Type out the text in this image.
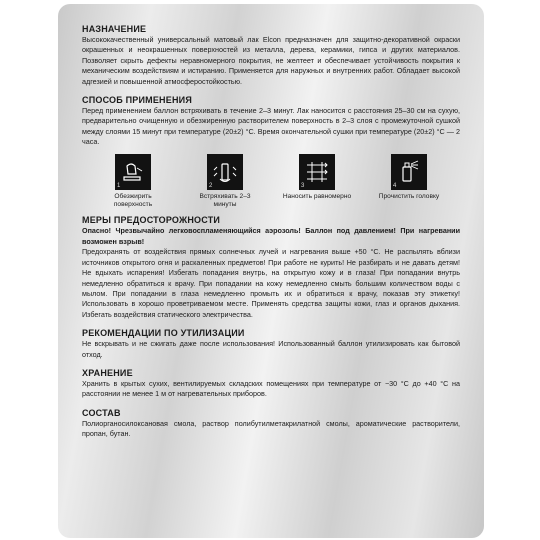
НАЗНАЧЕНИЕ

Высококачественный универсальный матовый лак Elcon предназначен для защитно-декоративной окраски окрашенных и неокрашенных поверхностей из металла, дерева, керамики, гипса и других материалов. Позволяет скрыть дефекты неравномерного покрытия, не желтеет и обеспечивает устойчивость покрытия к механическим воздействиям и истиранию. Применяется для наружных и внутренних работ. Обладает высокой адгезией и повышенной атмосферостойкостью.

СПОСОБ ПРИМЕНЕНИЯ

Перед применением баллон встряхивать в течение 2–3 минут. Лак наносится с расстояния 25–30 см на сухую, предварительно очищенную и обезжиренную растворителем поверхность в 2–3 слоя с промежуточной сушкой между слоями 15 минут при температуре (20±2) °С. Время окончательной сушки при температуре (20±2) °С — 2 часа.

1
Обезжирить поверхность
2
Встряхивать 2–3 минуты
3
Наносить равномерно
4
Прочистить головку
МЕРЫ ПРЕДОСТОРОЖНОСТИ

Опасно! Чрезвычайно легковоспламеняющийся аэрозоль! Баллон под давлением! При нагревании возможен взрыв!

Предохранять от воздействия прямых солнечных лучей и нагревания выше +50 °С. Не распылять вблизи источников открытого огня и раскаленных предметов! При работе не курить! Не разбирать и не давать детям! Не вдыхать испарения! Избегать попадания внутрь, на открытую кожу и в глаза! При попадании внутрь немедленно обратиться к врачу. При попадании на кожу немедленно смыть большим количеством воды с мылом. При попадании в глаза немедленно промыть их и обратиться к врачу, показав эту этикетку! Использовать в хорошо проветриваемом месте. Применять средства защиты кожи, глаз и органов дыхания. Избегать воздействия статического электричества.

РЕКОМЕНДАЦИИ ПО УТИЛИЗАЦИИ

Не вскрывать и не сжигать даже после использования! Использованный баллон утилизировать как бытовой отход.

ХРАНЕНИЕ

Хранить в крытых сухих, вентилируемых складских помещениях при температуре от −30 °С до +40 °С на расстоянии не менее 1 м от нагревательных приборов.

СОСТАВ

Полиорганосилоксановая смола, раствор полибутилметакрилатной смолы, ароматические растворители, пропан, бутан.
